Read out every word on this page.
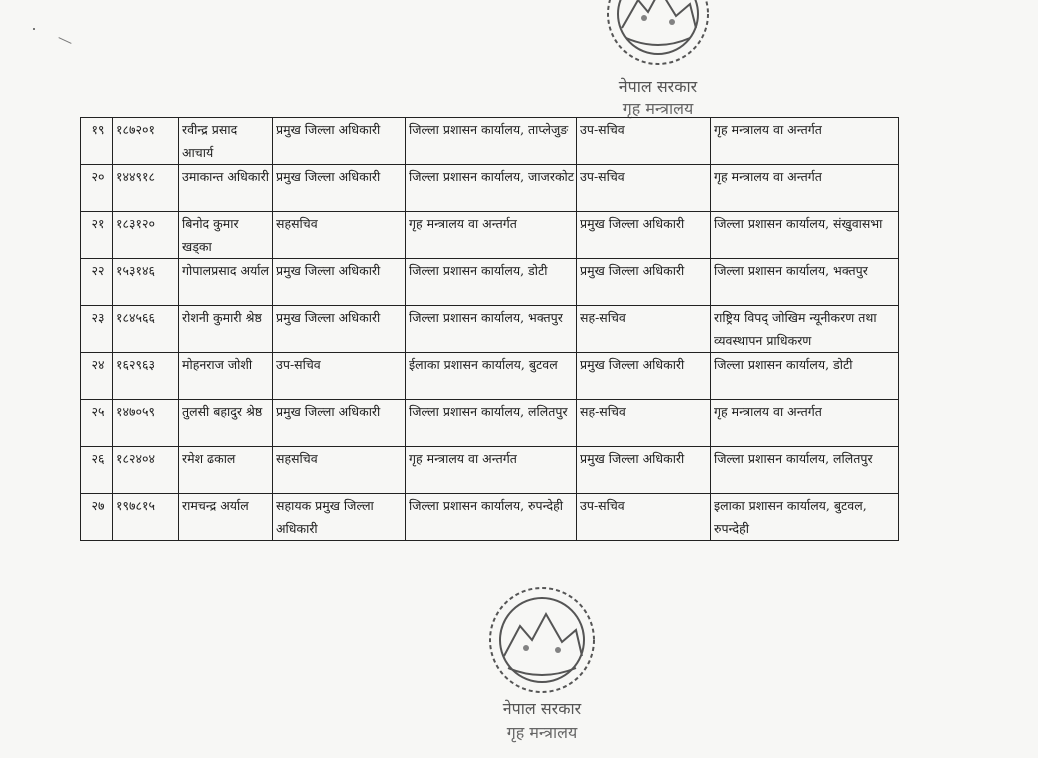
नेपाल सरकार
गृह मन्त्रालय
१९	१८७२०१	रवीन्द्र प्रसाद आचार्य	प्रमुख जिल्ला अधिकारी	जिल्ला प्रशासन कार्यालय, ताप्लेजुङ	उप-सचिव	गृह मन्त्रालय वा अन्तर्गत
२०	१४४९१८	उमाकान्त अधिकारी	प्रमुख जिल्ला अधिकारी	जिल्ला प्रशासन कार्यालय, जाजरकोट	उप-सचिव	गृह मन्त्रालय वा अन्तर्गत
२१	१८३१२०	बिनोद कुमार खड्का	सहसचिव	गृह मन्त्रालय वा अन्तर्गत	प्रमुख जिल्ला अधिकारी	जिल्ला प्रशासन कार्यालय, संखुवासभा
२२	१५३१४६	गोपालप्रसाद अर्याल	प्रमुख जिल्ला अधिकारी	जिल्ला प्रशासन कार्यालय, डोटी	प्रमुख जिल्ला अधिकारी	जिल्ला प्रशासन कार्यालय, भक्तपुर
२३	१८४५६६	रोशनी कुमारी श्रेष्ठ	प्रमुख जिल्ला अधिकारी	जिल्ला प्रशासन कार्यालय, भक्तपुर	सह-सचिव	राष्ट्रिय विपद् जोखिम न्यूनीकरण तथा व्यवस्थापन प्राधिकरण
२४	१६२९६३	मोहनराज जोशी	उप-सचिव	ईलाका प्रशासन कार्यालय, बुटवल	प्रमुख जिल्ला अधिकारी	जिल्ला प्रशासन कार्यालय, डोटी
२५	१४७०५९	तुलसी बहादुर श्रेष्ठ	प्रमुख जिल्ला अधिकारी	जिल्ला प्रशासन कार्यालय, ललितपुर	सह-सचिव	गृह मन्त्रालय वा अन्तर्गत
२६	१८२४०४	रमेश ढकाल	सहसचिव	गृह मन्त्रालय वा अन्तर्गत	प्रमुख जिल्ला अधिकारी	जिल्ला प्रशासन कार्यालय, ललितपुर
२७	१९७८१५	रामचन्द्र अर्याल	सहायक प्रमुख जिल्ला अधिकारी	जिल्ला प्रशासन कार्यालय, रुपन्देही	उप-सचिव	इलाका प्रशासन कार्यालय, बुटवल, रुपन्देही
नेपाल सरकार
गृह मन्त्रालय
